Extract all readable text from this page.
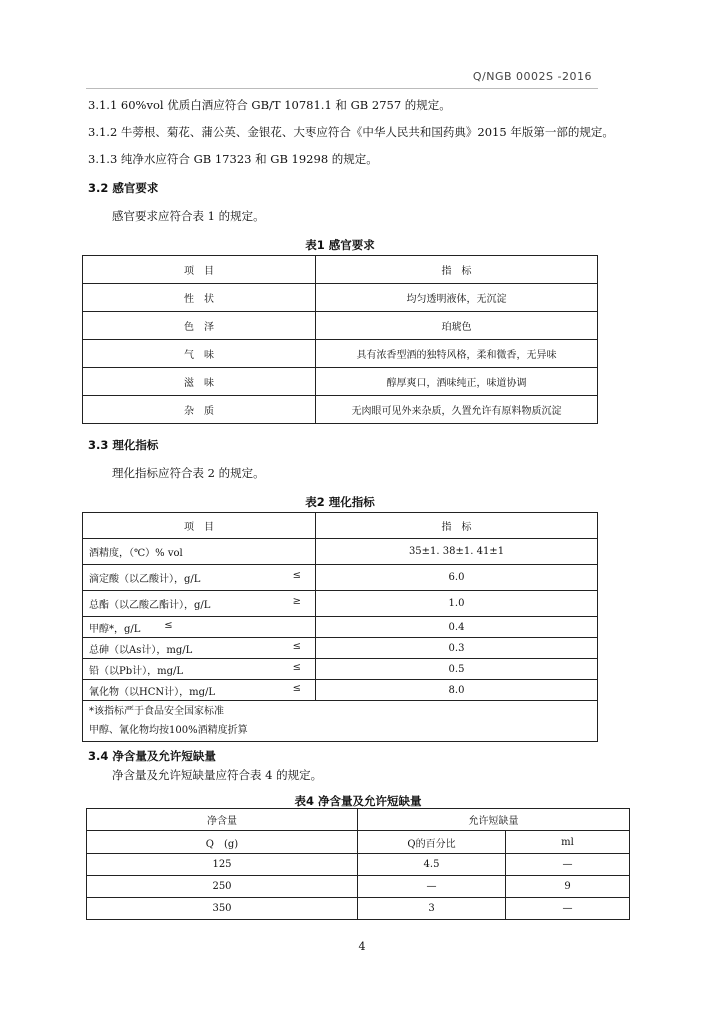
Q/NGB 0002S -2016
3.1.1 60%vol 优质白酒应符合 GB/T 10781.1 和 GB 2757 的规定。
3.1.2 牛蒡根、菊花、蒲公英、金银花、大枣应符合《中华人民共和国药典》2015 年版第一部的规定。
3.1.3 纯净水应符合 GB 17323 和 GB 19298 的规定。
3.2 感官要求
感官要求应符合表 1 的规定。
表1 感官要求
项　目	指　标
性　状	均匀透明液体，无沉淀
色　泽	珀琥色
气　味	具有浓香型酒的独特风格，柔和微香，无异味
滋　味	醇厚爽口，酒味纯正，味道协调
杂　质	无肉眼可见外来杂质，久置允许有原料物质沉淀
3.3 理化指标
理化指标应符合表 2 的规定。
表2 理化指标
项　目	指　标
酒精度，（℃）% vol	35±1. 38±1. 41±1
滴定酸（以乙酸计），g/L ≤	6.0
总酯（以乙酸乙酯计），g/L ≥	1.0
甲醇*，g/L ≤	0.4
总砷（以As计），mg/L ≤	0.3
铅（以Pb计），mg/L ≤	0.5
氰化物（以HCN计），mg/L ≤	8.0

*该指标严于食品安全国家标准
甲醇、氰化物均按100%酒精度折算	
3.4 净含量及允许短缺量
净含量及允许短缺量应符合表 4 的规定。
表4 净含量及允许短缺量
净含量	允许短缺量	
Q　(g)	Q的百分比	ml
125	4.5	—
250	—	9
350	3	—
4
